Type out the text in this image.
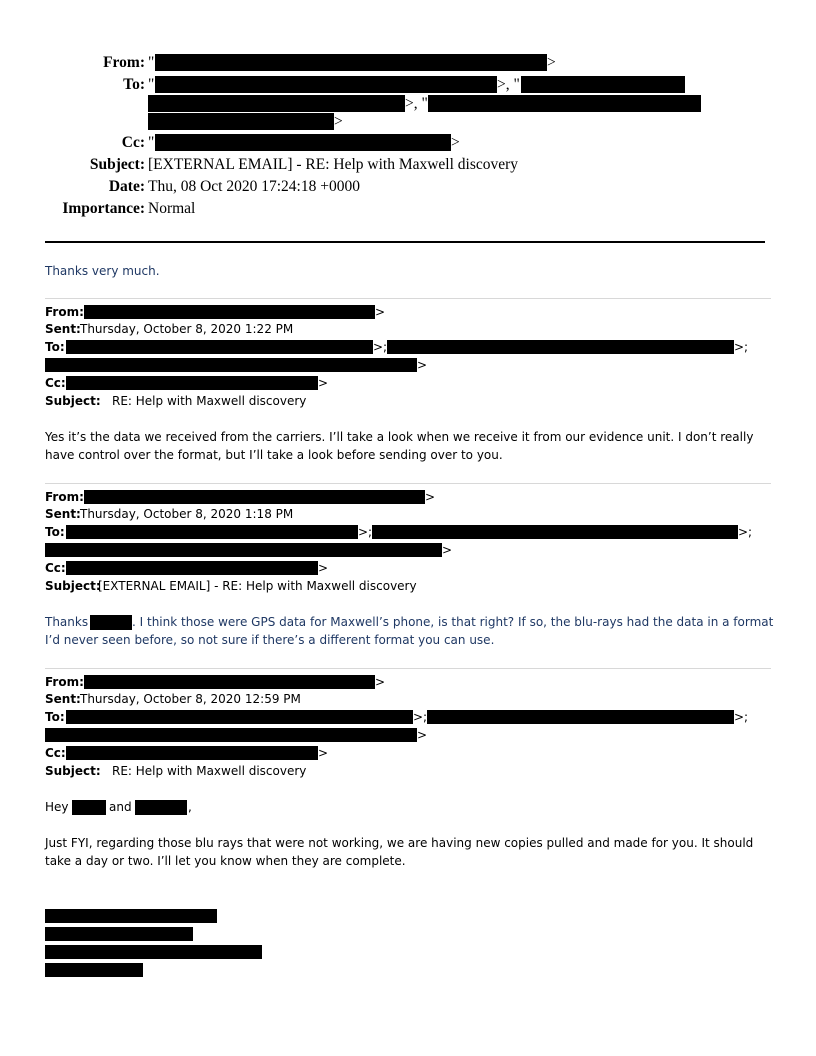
From: "	>
To: "	>, "
>, "
>
Cc: "	>
Subject: [EXTERNAL EMAIL] - RE: Help with Maxwell discovery
Date: Thu, 08 Oct 2020 17:24:18 +0000
Importance: Normal
Thanks very much.
From:	>
Sent: Thursday, October 8, 2020 1:22 PM
To:	>;	>;
>
Cc:	>
Subject: RE: Help with Maxwell discovery
Yes it’s the data we received from the carriers. I’ll take a look when we receive it from our evidence unit. I don’t really
have control over the format, but I’ll take a look before sending over to you.
From:	>
Sent: Thursday, October 8, 2020 1:18 PM
To:	>;	>;
>
Cc:	>
Subject:
[EXTERNAL EMAIL] - RE: Help with Maxwell discovery
Thanks	. I think those were GPS data for Maxwell’s phone, is that right? If so, the blu-rays had the data in a format
I’d never seen before, so not sure if there’s a different format you can use.
From:	>
Sent: Thursday, October 8, 2020 12:59 PM
To:	>;	>;
>
Cc:	>
Subject: RE: Help with Maxwell discovery
Hey	and	,
Just FYI, regarding those blu rays that were not working, we are having new copies pulled and made for you. It should
take a day or two. I’ll let you know when they are complete.
